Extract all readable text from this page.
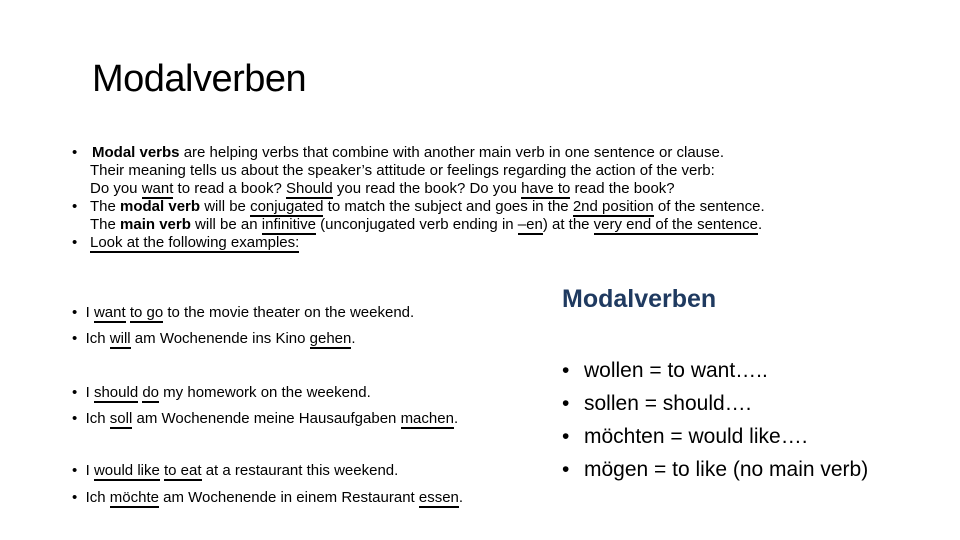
Modalverben
• Modal verbs are helping verbs that combine with another main verb in one sentence or clause.
Their meaning tells us about the speaker’s attitude or feelings regarding the action of the verb:
Do you want to read a book? Should you read the book? Do you have to read the book?
• The modal verb will be conjugated to match the subject and goes in the 2nd position of the sentence.
The main verb will be an infinitive (unconjugated verb ending in –en) at the very end of the sentence.
• Look at the following examples:
• I want to go to the movie theater on the weekend.
• Ich will am Wochenende ins Kino gehen.
• I should do my homework on the weekend.
• Ich soll am Wochenende meine Hausaufgaben machen.
• I would like to eat at a restaurant this weekend.
• Ich möchte am Wochenende in einem Restaurant essen.
Modalverben
• wollen = to want…..
• sollen = should….
• möchten = would like….
• mögen = to like (no main verb)
